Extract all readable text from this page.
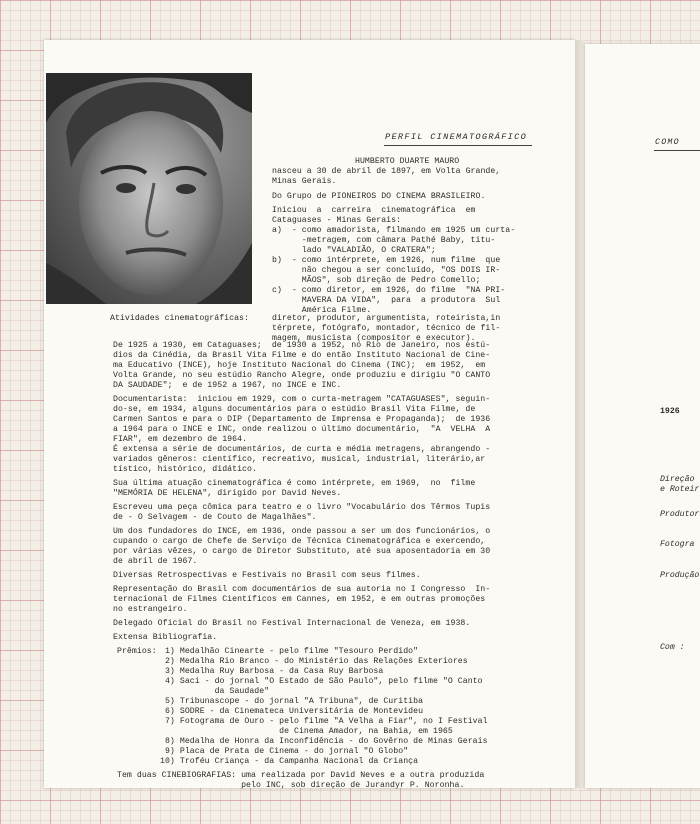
PERFIL CINEMATOGRÁFICO
HUMBERTO DUARTE MAURO
nasceu a 30 de abril de 1897, em Volta Grande,
Minas Gerais.
Do Grupo de PIONEIROS DO CINEMA BRASILEIRO.
Iniciou  a  carreira  cinematográfica  em
Cataguases - Minas Gerais:
a)  - como amadorista, filmando em 1925 um curta-
-metragem, com câmara Pathé Baby, titu-
lado "VALADIÃO, O CRATERA";
b)  - como intérprete, em 1926, num filme  que
não chegou a ser concluído, "OS DOIS IR-
MÃOS", sob direção de Pedro Comello;
c)  - como diretor, em 1926, do filme  "NA PRI-
MAVERA DA VIDA",  para  a produtora  Sul
América Filme.
Atividades cinematográficas:	diretor, produtor, argumentista, roteirista,in
térprete, fotógrafo, montador, técnico de fil-
magem, musicista (compositor e executor).
De 1925 a 1930, em Cataguases;  de 1930 a 1952, no Rio de Janeiro, nos estú-
dios da Cinédia, da Brasil Vita Filme e do então Instituto Nacional de Cine-
ma Educativo (INCE), hoje Instituto Nacional do Cinema (INC);  em 1952,  em
Volta Grande, no seu estúdio Rancho Alegre, onde produziu e dirigiu "O CANTO
DA SAUDADE";  e de 1952 a 1967, no INCE e INC.
Documentarista:  iniciou em 1929, com o curta-metragem "CATAGUASES", seguin-
do-se, em 1934, alguns documentários para o estúdio Brasil Vita Filme, de
Carmen Santos e para o DIP (Departamento de Imprensa e Propaganda);  de 1936
a 1964 para o INCE e INC, onde realizou o último documentário,  "A  VELHA  A
FIAR", em dezembro de 1964.
É extensa a série de documentários, de curta e média metragens, abrangendo -
variados gêneros: científico, recreativo, musical, industrial, literário,ar
tístico, histórico, didático.
Sua última atuação cinematográfica é como intérprete, em 1969,  no  filme
"MEMÓRIA DE HELENA", dirigido por David Neves.
Escreveu uma peça cômica para teatro e o livro "Vocabulário dos Têrmos Tupis
de - O Selvagem - de Couto de Magalhães".
Um dos fundadores do INCE, em 1936, onde passou a ser um dos funcionários, o
cupando o cargo de Chefe de Serviço de Técnica Cinematográfica e exercendo,
por várias vêzes, o cargo de Diretor Substituto, até sua aposentadoria em 30
de abril de 1967.
Diversas Retrospectivas e Festivais no Brasil com seus filmes.
Representação do Brasil com documentários de sua autoria no I Congresso  In-
ternacional de Filmes Científicos em Cannes, em 1952, e em outras promoções
no estrangeiro.
Delegado Oficial do Brasil no Festival Internacional de Veneza, em 1938.
Extensa Bibliografia.
Prêmios: 1) Medalhão Cinearte - pelo filme "Tesouro Perdido"
2) Medalha Rio Branco - do Ministério das Relações Exteriores
3) Medalha Ruy Barbosa - da Casa Ruy Barbosa
4) Saci - do jornal "O Estado de São Paulo", pelo filme "O Canto
da Saudade"
5) Tribunascope - do jornal "A Tribuna", de Curitiba
6) SODRE - da Cinemateca Universitária de Montevideu
7) Fotograma de Ouro - pelo filme "A Velha a Fiar", no I Festival
de Cinema Amador, na Bahia, em 1965
8) Medalha de Honra da Inconfidência - do Govêrno de Minas Gerais
9) Placa de Prata de Cinema - do jornal "O Globo"
10) Troféu Criança - da Campanha Nacional da Criança
Tem duas CINEBIOGRAFIAS: uma realizada por David Neves e a outra produzida
pelo INC, sob direção de Jurandyr P. Noronha.
COMO
1926
Direção
e Roteir
Produtor
Fotogra
Produção
Com :
